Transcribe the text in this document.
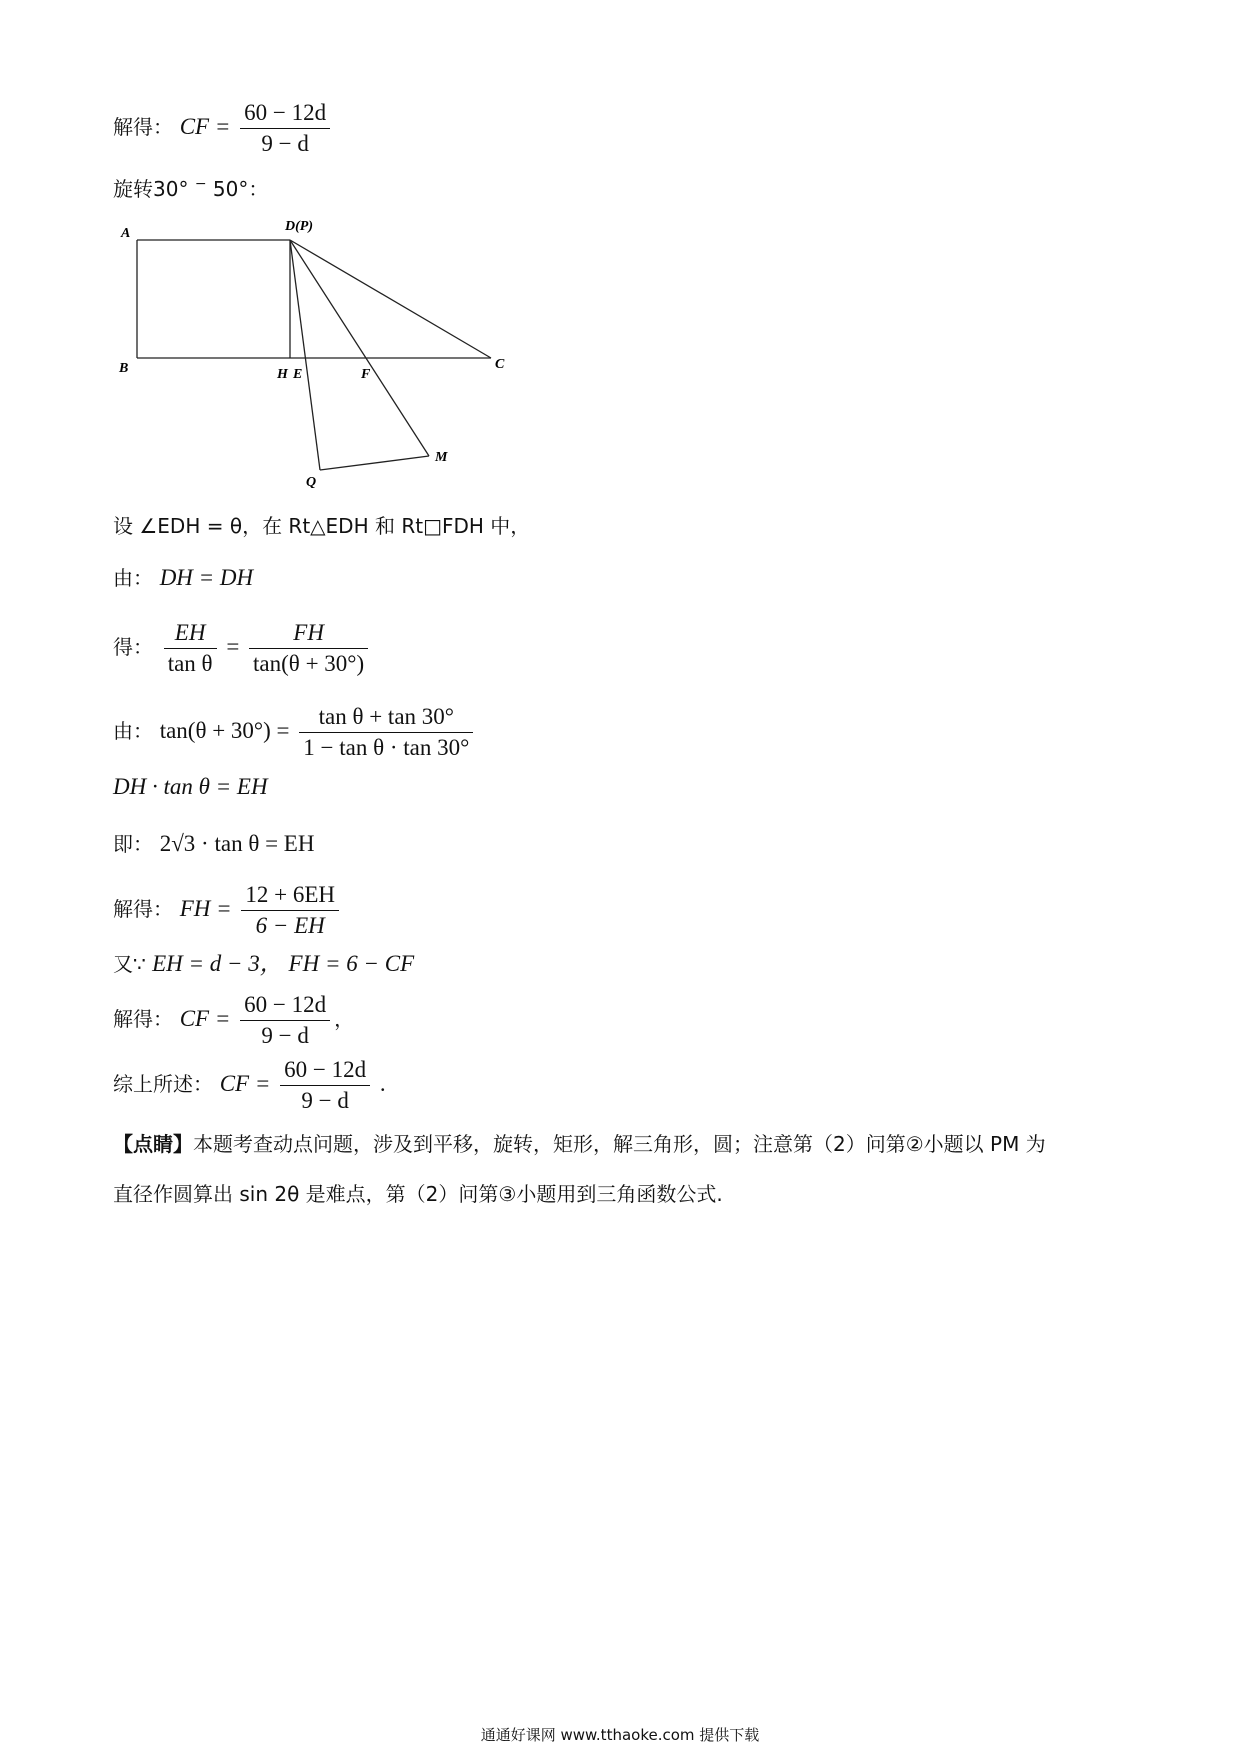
解得： CF = $\frac{60 - 12d}{9 - d}$
旋转30° − 50°：
A	D(P)
B	H E	F
C
Q
M
设 ∠EDH = θ，在 Rt△EDH 和 Rt□FDH 中，
由： DH = DH
得： $\frac{EH}{\text{tan θ}} = \frac{FH}{\tan(\theta + 30^\circ)}$
由： $\tan(\theta + 30^\circ) = \frac{\text{tan θ + tan 30°}}{\text{1 − tan θ · tan 30°}}$
DH · tan θ = EH
即： 2√3 · tan θ = EH
解得： FH = $\frac{12 + 6EH}{6 - EH}$
又∵ EH = d − 3， FH = 6 − CF
解得： CF = $\frac{60 - 12d}{9 - d}$ ，
综上所述： CF = $\frac{60 - 12d}{9 - d}$ .
【点睛】本题考查动点问题，涉及到平移，旋转，矩形，解三角形，圆；注意第（2）问第②小题以 PM 为
直径作圆算出 sin 2θ 是难点，第（2）问第③小题用到三角函数公式.
通通好课网 www.tthaoke.com 提供下载
